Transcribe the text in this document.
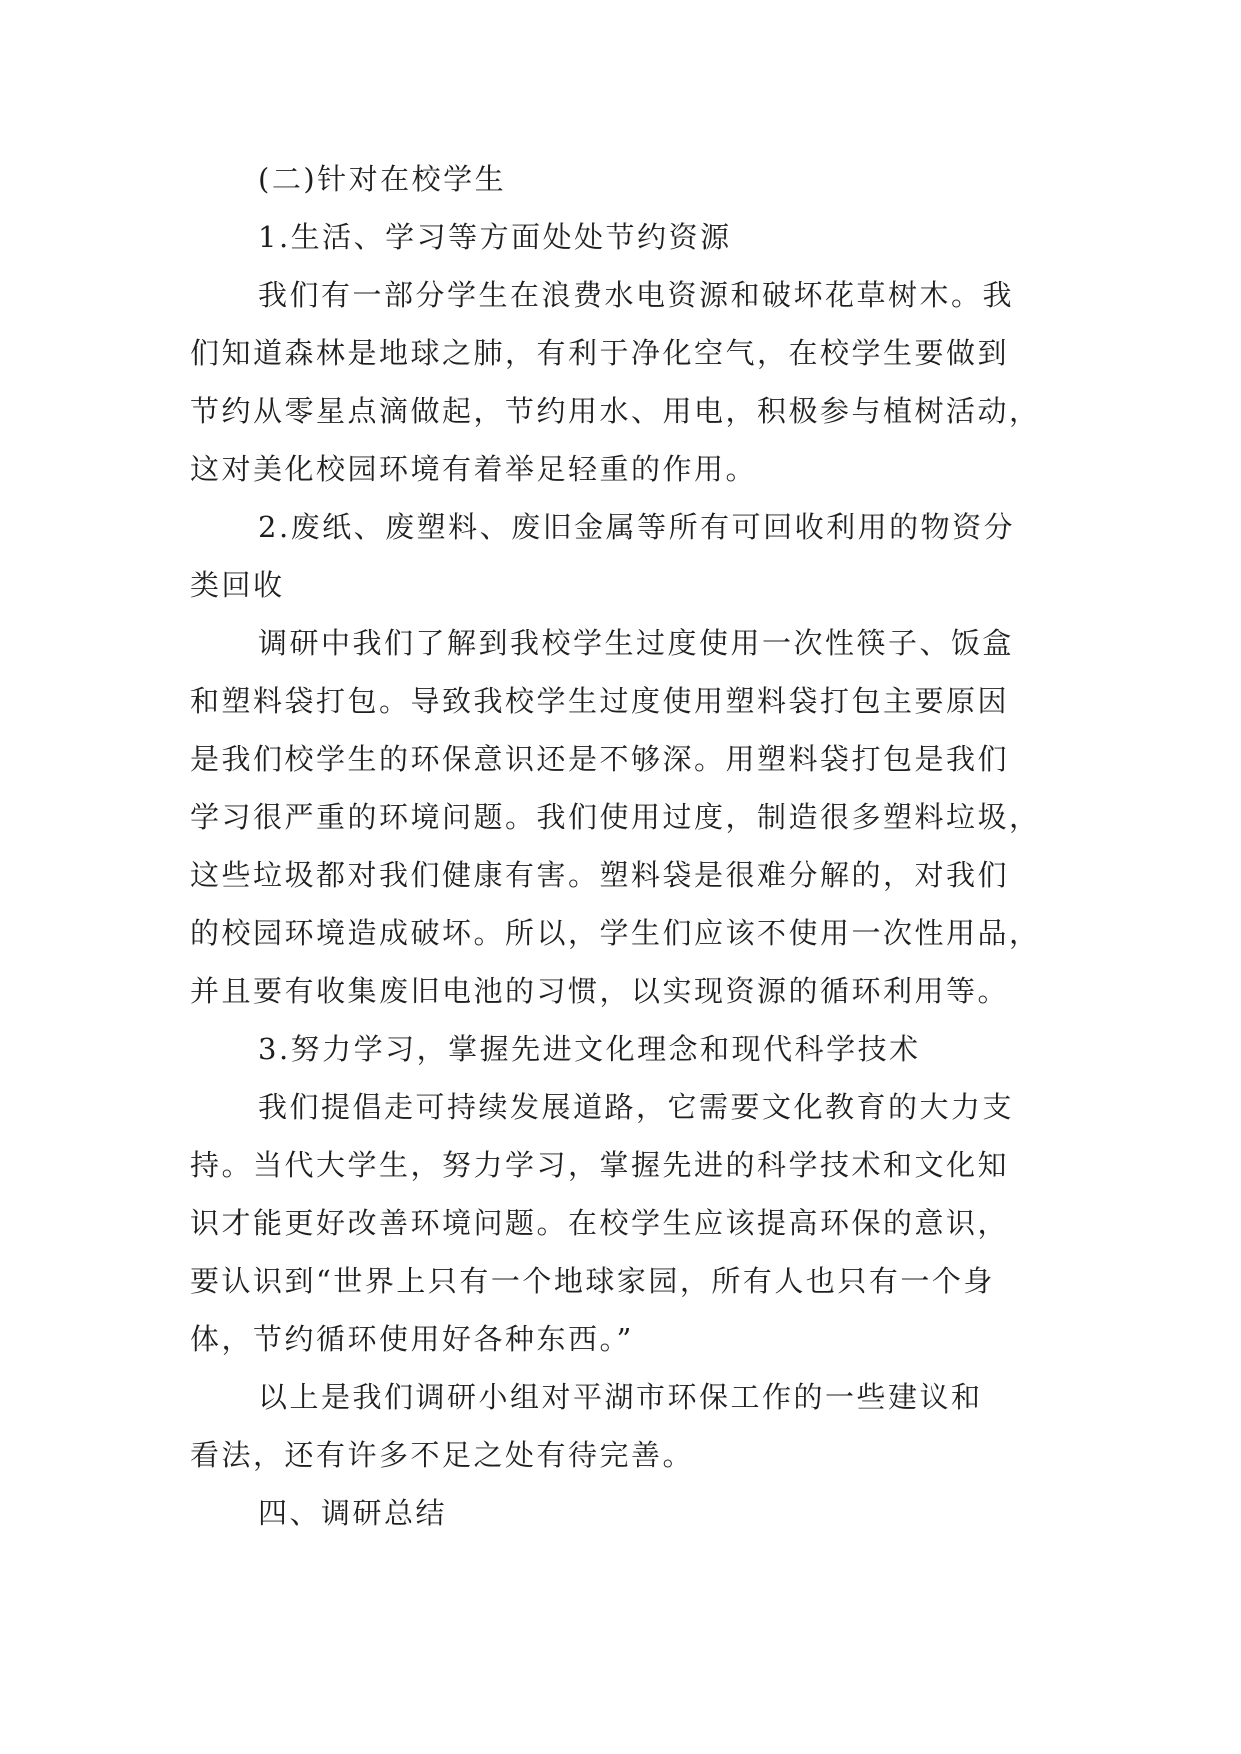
(二)针对在校学生
1.生活、学习等方面处处节约资源
我们有一部分学生在浪费水电资源和破坏花草树木。我
们知道森林是地球之肺，有利于净化空气，在校学生要做到
节约从零星点滴做起，节约用水、用电，积极参与植树活动，
这对美化校园环境有着举足轻重的作用。
2.废纸、废塑料、废旧金属等所有可回收利用的物资分
类回收
调研中我们了解到我校学生过度使用一次性筷子、饭盒
和塑料袋打包。导致我校学生过度使用塑料袋打包主要原因
是我们校学生的环保意识还是不够深。用塑料袋打包是我们
学习很严重的环境问题。我们使用过度，制造很多塑料垃圾，
这些垃圾都对我们健康有害。塑料袋是很难分解的，对我们
的校园环境造成破坏。所以，学生们应该不使用一次性用品，
并且要有收集废旧电池的习惯，以实现资源的循环利用等。
3.努力学习，掌握先进文化理念和现代科学技术
我们提倡走可持续发展道路，它需要文化教育的大力支
持。当代大学生，努力学习，掌握先进的科学技术和文化知
识才能更好改善环境问题。在校学生应该提高环保的意识，
要认识到“世界上只有一个地球家园，所有人也只有一个身
体，节约循环使用好各种东西。”
以上是我们调研小组对平湖市环保工作的一些建议和
看法，还有许多不足之处有待完善。
四、调研总结
